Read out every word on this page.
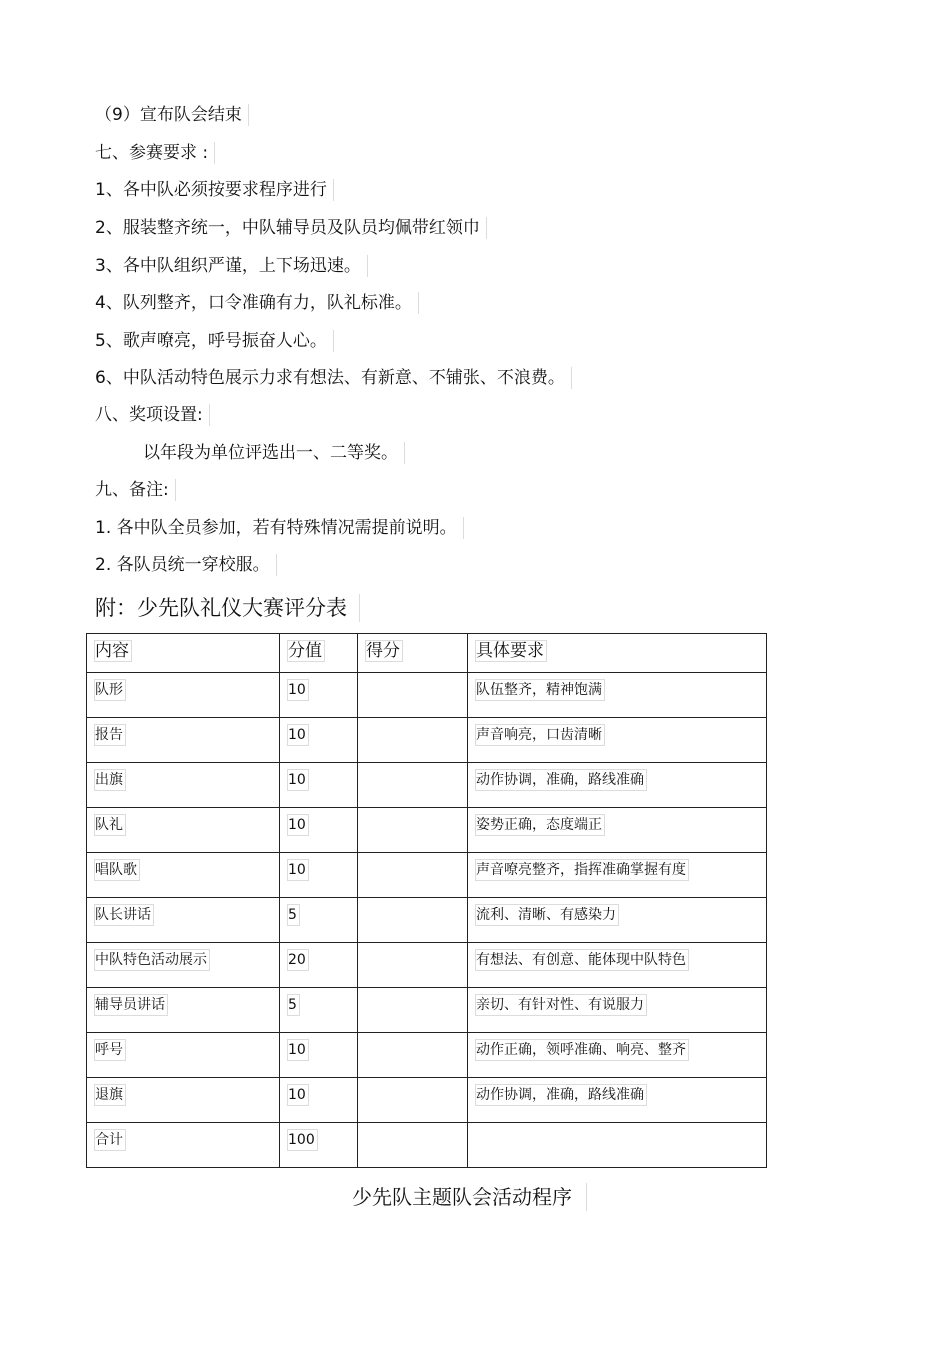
（9）宣布队会结束
七、参赛要求 :
1、各中队必须按要求程序进行
2、服装整齐统一，中队辅导员及队员均佩带红领巾
3、各中队组织严谨，上下场迅速。
4、队列整齐，口令准确有力，队礼标准。
5、歌声嘹亮，呼号振奋人心。
6、中队活动特色展示力求有想法、有新意、不铺张、不浪费。
八、奖项设置:
以年段为单位评选出一、二等奖。
九、备注:
1. 各中队全员参加，若有特殊情况需提前说明。
2. 各队员统一穿校服。
附：少先队礼仪大赛评分表
内容	分值	得分	具体要求
队形	10		队伍整齐，精神饱满
报告	10		声音响亮，口齿清晰
出旗	10		动作协调，准确，路线准确
队礼	10		姿势正确，态度端正
唱队歌	10		声音嘹亮整齐，指挥准确掌握有度
队长讲话	5		流利、清晰、有感染力
中队特色活动展示	20		有想法、有创意、能体现中队特色
辅导员讲话	5		亲切、有针对性、有说服力
呼号	10		动作正确，领呼准确、响亮、整齐
退旗	10		动作协调，准确，路线准确
合计	100		
少先队主题队会活动程序
